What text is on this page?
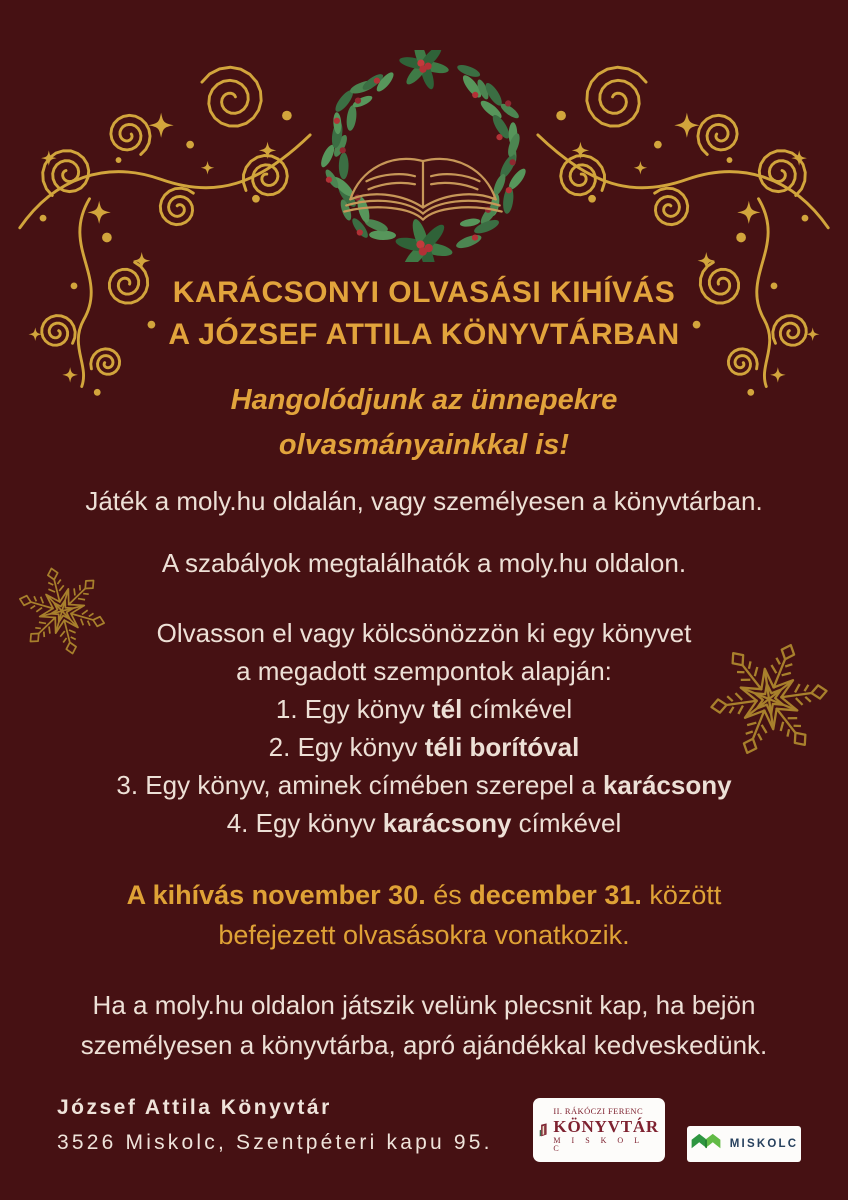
KARÁCSONYI OLVASÁSI KIHÍVÁS
A JÓZSEF ATTILA KÖNYVTÁRBAN
Hangolódjunk az ünnepekre
olvasmányainkkal is!
Játék a moly.hu oldalán, vagy személyesen a könyvtárban.
A szabályok megtalálhatók a moly.hu oldalon.
Olvasson el vagy kölcsönözzön ki egy könyvet
a megadott szempontok alapján:
1. Egy könyv tél címkével
2. Egy könyv téli borítóval
3. Egy könyv, aminek címében szerepel a karácsony
4. Egy könyv karácsony címkével
A kihívás november 30. és december 31. között
befejezett olvasásokra vonatkozik.
Ha a moly.hu oldalon játszik velünk plecsnit kap, ha bejön
személyesen a könyvtárba, apró ajándékkal kedveskedünk.
József Attila Könyvtár
3526 Miskolc, Szentpéteri kapu 95.
II. RÁKÓCZI FERENC
KÖNYVTÁR
M I S K O L C	MISKOLC
